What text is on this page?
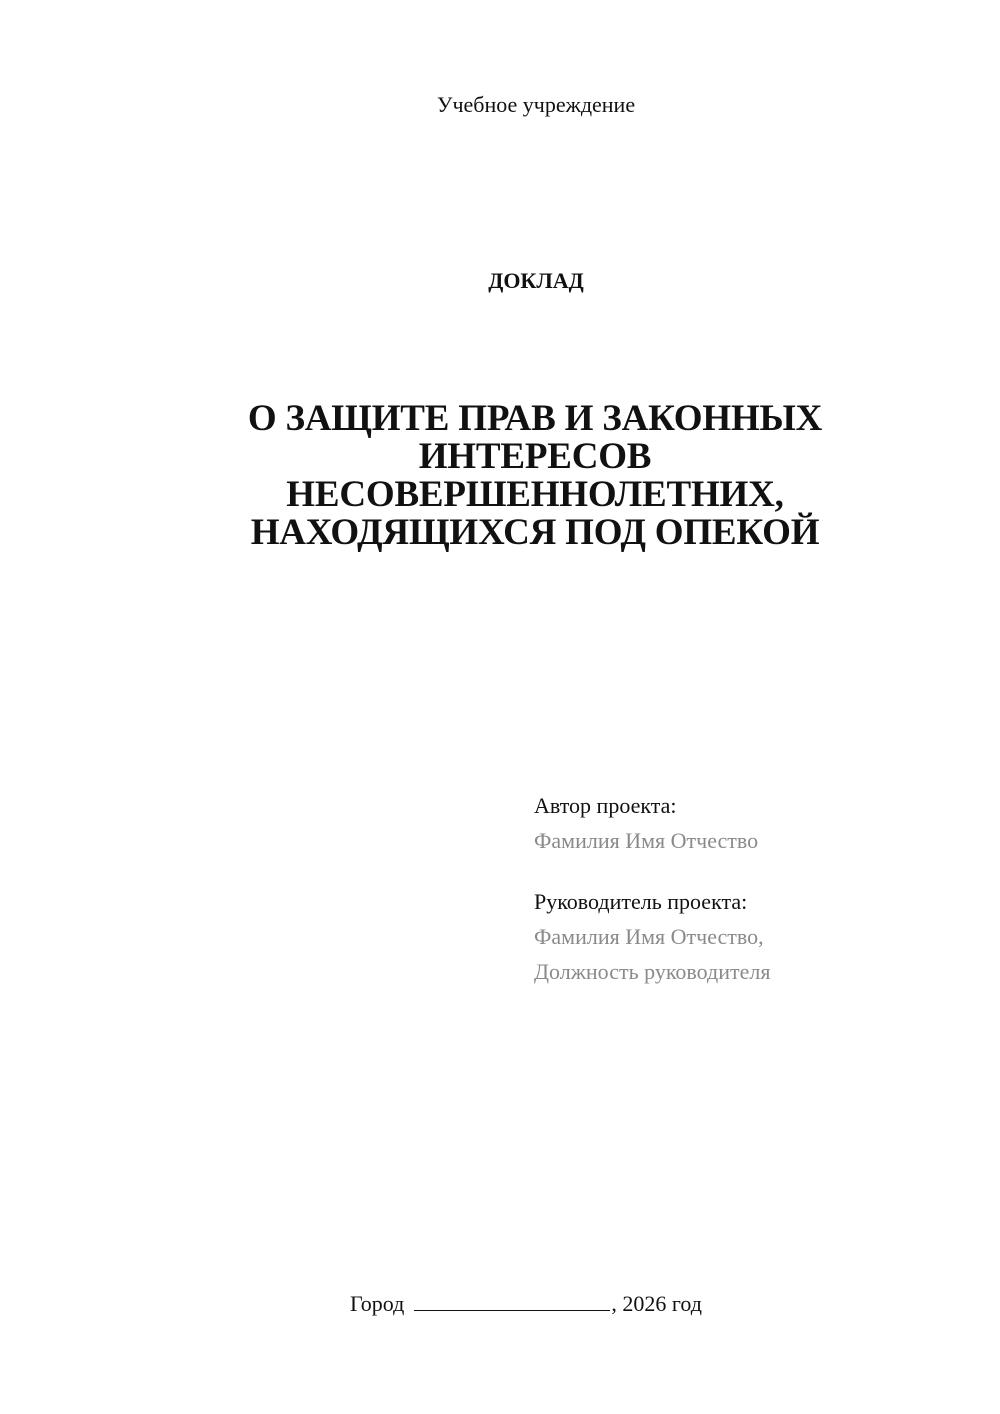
Учебное учреждение
ДОКЛАД
О ЗАЩИТЕ ПРАВ И ЗАКОННЫХ
ИНТЕРЕСОВ
НЕСОВЕРШЕННОЛЕТНИХ,
НАХОДЯЩИХСЯ ПОД ОПЕКОЙ
Автор проекта:
Фамилия Имя Отчество
Руководитель проекта:
Фамилия Имя Отчество,
Должность руководителя
Город	, 2026 год
